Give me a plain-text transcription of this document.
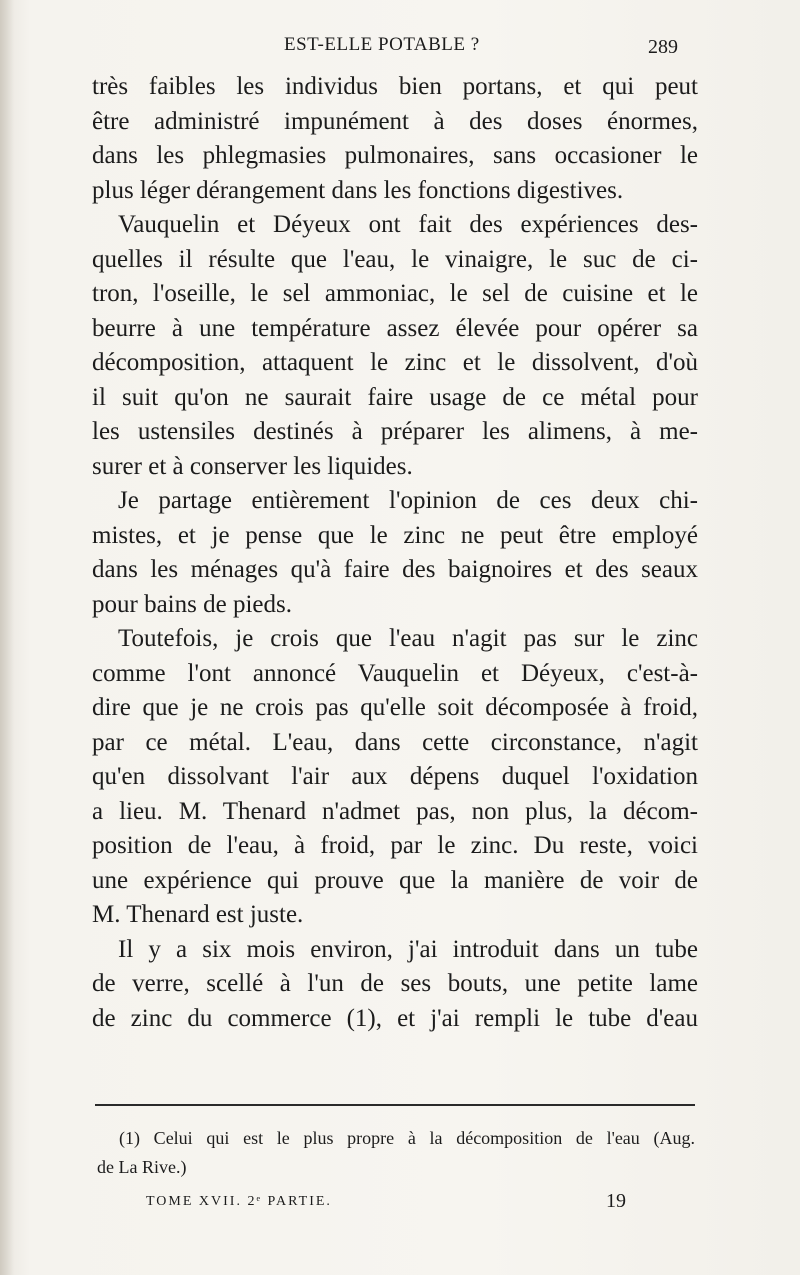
EST-ELLE POTABLE ?	289
très faibles les individus bien portans, et qui peut
être administré impunément à des doses énormes,
dans les phlegmasies pulmonaires, sans occasioner le
plus léger dérangement dans les fonctions digestives.
Vauquelin et Déyeux ont fait des expériences des-
quelles il résulte que l'eau, le vinaigre, le suc de ci-
tron, l'oseille, le sel ammoniac, le sel de cuisine et le
beurre à une température assez élevée pour opérer sa
décomposition, attaquent le zinc et le dissolvent, d'où
il suit qu'on ne saurait faire usage de ce métal pour
les ustensiles destinés à préparer les alimens, à me-
surer et à conserver les liquides.
Je partage entièrement l'opinion de ces deux chi-
mistes, et je pense que le zinc ne peut être employé
dans les ménages qu'à faire des baignoires et des seaux
pour bains de pieds.
Toutefois, je crois que l'eau n'agit pas sur le zinc
comme l'ont annoncé Vauquelin et Déyeux, c'est-à-
dire que je ne crois pas qu'elle soit décomposée à froid,
par ce métal. L'eau, dans cette circonstance, n'agit
qu'en dissolvant l'air aux dépens duquel l'oxidation
a lieu. M. Thenard n'admet pas, non plus, la décom-
position de l'eau, à froid, par le zinc. Du reste, voici
une expérience qui prouve que la manière de voir de
M. Thenard est juste.
Il y a six mois environ, j'ai introduit dans un tube
de verre, scellé à l'un de ses bouts, une petite lame
de zinc du commerce (1), et j'ai rempli le tube d'eau
(1) Celui qui est le plus propre à la décomposition de l'eau (Aug.
de La Rive.)
TOME XVII. 2ᵉ PARTIE.	19
